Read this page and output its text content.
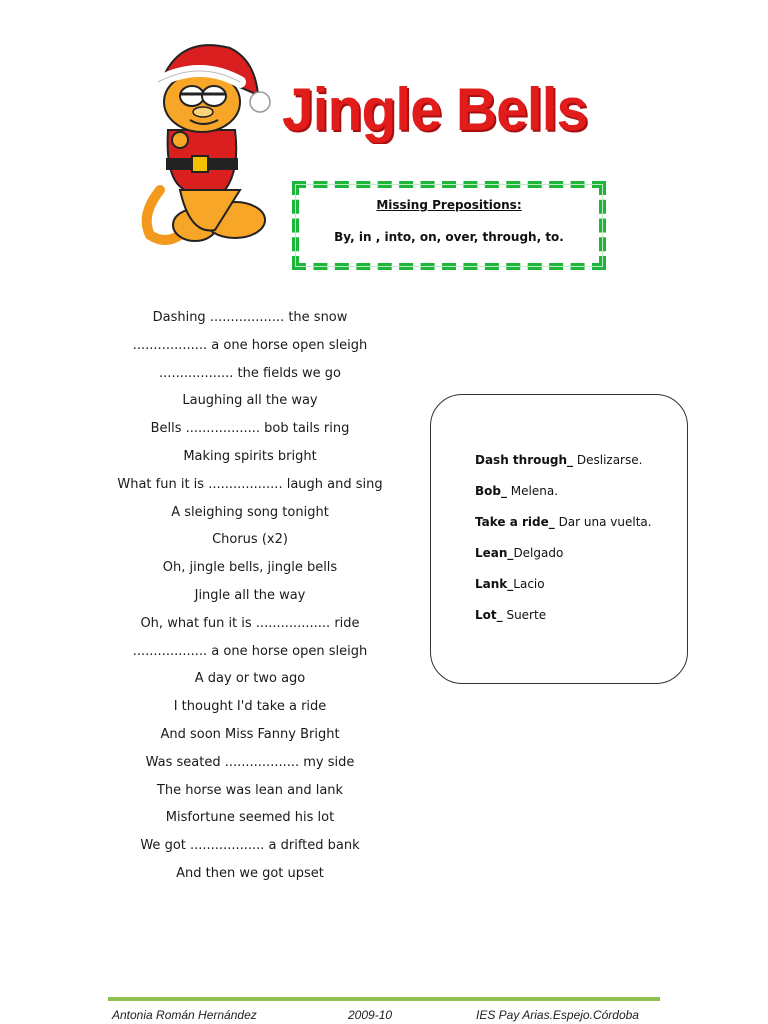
Jingle Bells
Missing Prepositions:
By, in , into, on, over, through, to.
Dashing .................. the snow
.................. a one horse open sleigh
.................. the fields we go
Laughing all the way
Bells .................. bob tails ring
Making spirits bright
What fun it is .................. laugh and sing
A sleighing song tonight
Chorus (x2)
Oh, jingle bells, jingle bells
Jingle all the way
Oh, what fun it is .................. ride
.................. a one horse open sleigh
A day or two ago
I thought I'd take a ride
And soon Miss Fanny Bright
Was seated .................. my side
The horse was lean and lank
Misfortune seemed his lot
We got .................. a drifted bank
And then we got upset
Dash through_ Deslizarse.
Bob_ Melena.
Take a ride_ Dar una vuelta.
Lean_Delgado
Lank_Lacio
Lot_ Suerte
Antonia Román Hernández	2009-10	IES Pay Arias.Espejo.Córdoba
